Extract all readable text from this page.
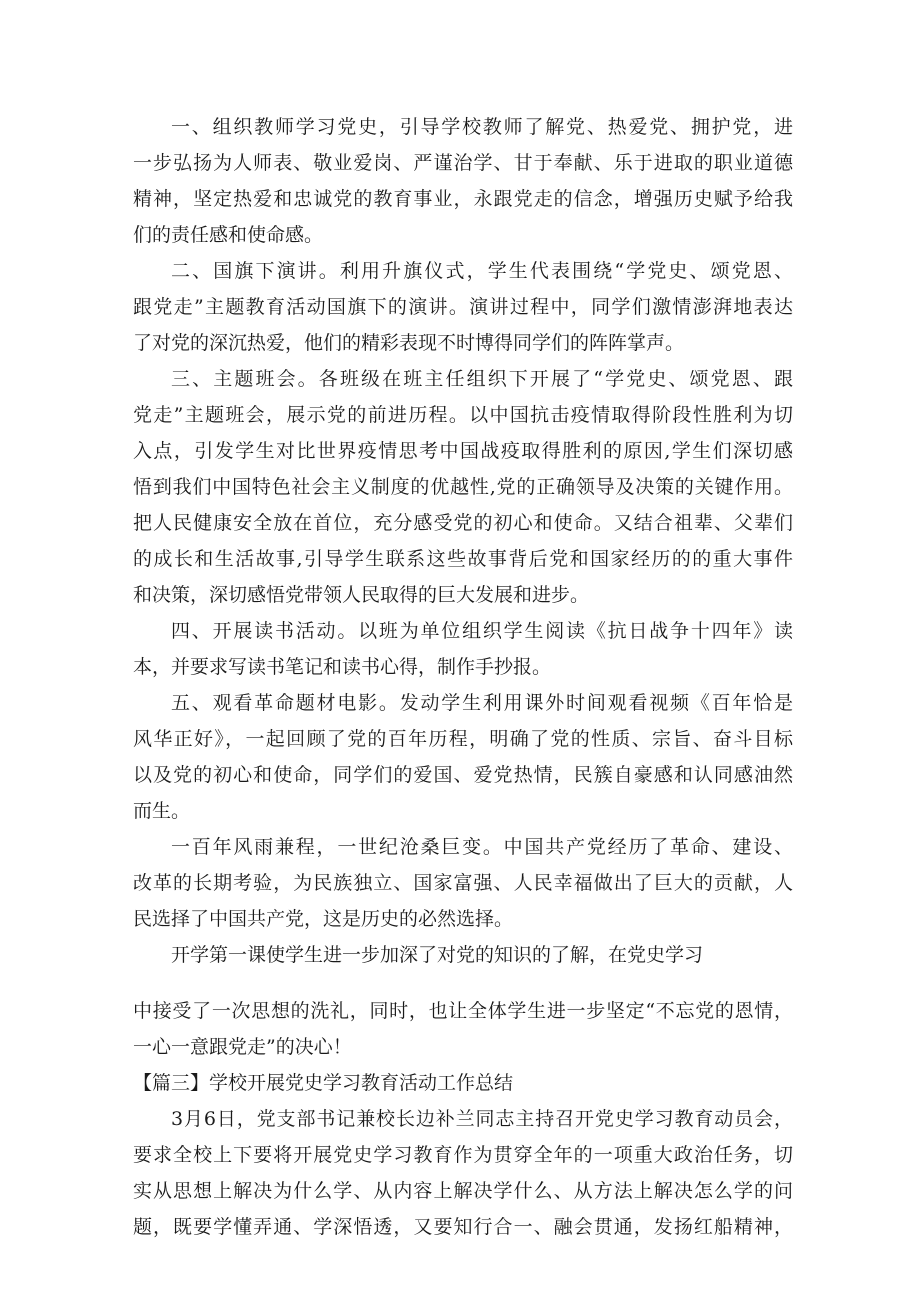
一、组织教师学习党史，引导学校教师了解党、热爱党、拥护党，进
一步弘扬为人师表、敬业爱岗、严谨治学、甘于奉献、乐于进取的职业道德
精神，坚定热爱和忠诚党的教育事业，永跟党走的信念，增强历史赋予给我
们的责任感和使命感。
二、国旗下演讲。利用升旗仪式，学生代表围绕“学党史、颂党恩、
跟党走”主题教育活动国旗下的演讲。演讲过程中，同学们激情澎湃地表达
了对党的深沉热爱，他们的精彩表现不时博得同学们的阵阵掌声。
三、主题班会。各班级在班主任组织下开展了“学党史、颂党恩、跟
党走”主题班会，展示党的前进历程。以中国抗击疫情取得阶段性胜利为切
入点，引发学生对比世界疫情思考中国战疫取得胜利的原因,学生们深切感
悟到我们中国特色社会主义制度的优越性,党的正确领导及决策的关键作用。
把人民健康安全放在首位，充分感受党的初心和使命。又结合祖辈、父辈们
的成长和生活故事,引导学生联系这些故事背后党和国家经历的的重大事件
和决策，深切感悟党带领人民取得的巨大发展和进步。
四、开展读书活动。以班为单位组织学生阅读《抗日战争十四年》读
本，并要求写读书笔记和读书心得，制作手抄报。
五、观看革命题材电影。发动学生利用课外时间观看视频《百年恰是
风华正好》，一起回顾了党的百年历程，明确了党的性质、宗旨、奋斗目标
以及党的初心和使命，同学们的爱国、爱党热情，民簇自豪感和认同感油然
而生。
一百年风雨兼程，一世纪沧桑巨变。中国共产党经历了革命、建设、
改革的长期考验，为民族独立、国家富强、人民幸福做出了巨大的贡献，人
民选择了中国共产党，这是历史的必然选择。
开学第一课使学生进一步加深了对党的知识的了解，在党史学习
中接受了一次思想的洗礼，同时，也让全体学生进一步坚定“不忘党的恩情，
一心一意跟党走”的决心！
【篇三】学校开展党史学习教育活动工作总结
3月6日，党支部书记兼校长边补兰同志主持召开党史学习教育动员会，
要求全校上下要将开展党史学习教育作为贯穿全年的一项重大政治任务，切
实从思想上解决为什么学、从内容上解决学什么、从方法上解决怎么学的问
题，既要学懂弄通、学深悟透，又要知行合一、融会贯通，发扬红船精神，
